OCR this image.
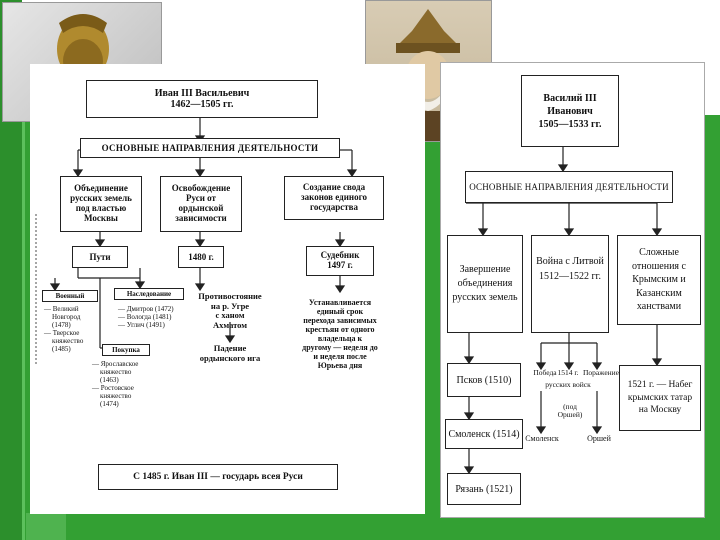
Иван III Васильевич
1462—1505 гг.
ОСНОВНЫЕ НАПРАВЛЕНИЯ ДЕЯТЕЛЬНОСТИ
Объединение
русских земель
под властью
Москвы
Освобождение
Руси от
ордынской
зависимости
Создание свода
законов единого
государства
Пути	1480 г.	Судебник
1497 г.
Военный	Наследование
— Великий
Новгород
(1478)
— Тверское
княжество
(1485)
— Дмитров (1472)
— Вологда (1481)
— Углич (1491)
Покупка
— Ярославское
княжество
(1463)
— Ростовское
княжество
(1474)
Противостояние
на р. Угре
с ханом
Ахматом
Падение
ордынского ига
Устанавливается
единый срок
перехода зависимых
крестьян от одного
владельца к
другому — неделя до
и неделя после
Юрьева дня
С 1485 г. Иван III — государь всея Руси
Василий III Иванович
1505—1533 гг.
ОСНОВНЫЕ НАПРАВЛЕНИЯ ДЕЯТЕЛЬНОСТИ
Завершение
объединения
русских земель
Война с Литвой
1512—1522 гг.
Сложные
отношения с
Крымским и
Казанским
ханствами
Псков (1510)
Смоленск (1514)
Рязань (1521)
Победа 1514 г. Поражение
русских войск
(под
Оршей)
Смоленск	Оршей
1521 г. — Набег
крымских татар
на Москву
